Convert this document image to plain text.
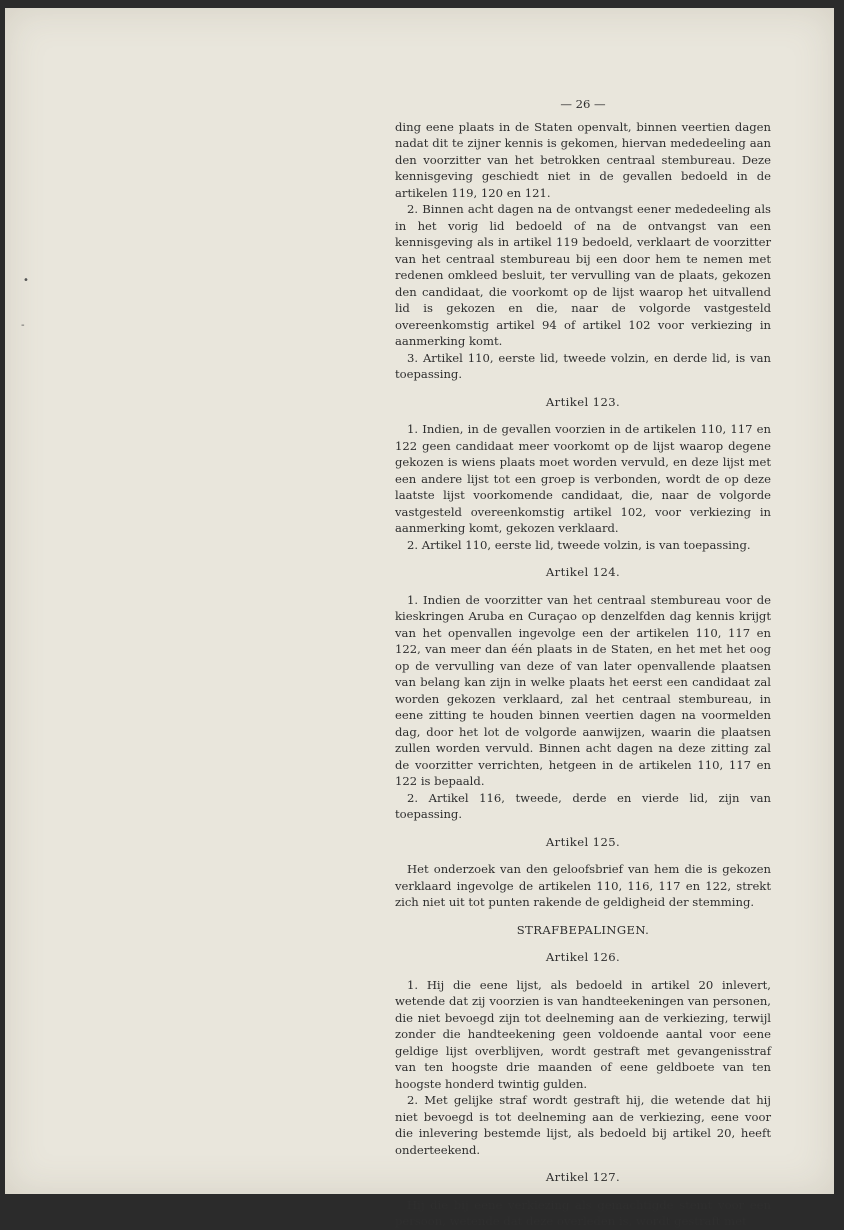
•
‑

— 26 —

ding eene plaats in de Staten openvalt, binnen veertien dagen nadat dit te zijner kennis is gekomen, hiervan mededeeling aan den voorzitter van het betrokken centraal stembureau. Deze kennisgeving geschiedt niet in de gevallen bedoeld in de artikelen 119, 120 en 121.

2. Binnen acht dagen na de ontvangst eener mededeeling als in het vorig lid bedoeld of na de ontvangst van een kennisgeving als in artikel 119 bedoeld, verklaart de voorzitter van het centraal stembureau bij een door hem te nemen met redenen omkleed besluit, ter vervulling van de plaats, gekozen den candidaat, die voorkomt op de lijst waarop het uitvallend lid is gekozen en die, naar de volgorde vastgesteld overeenkomstig artikel 94 of artikel 102 voor verkiezing in aanmerking komt.

3. Artikel 110, eerste lid, tweede volzin, en derde lid, is van toepassing.

Artikel 123.

1. Indien, in de gevallen voorzien in de artikelen 110, 117 en 122 geen candidaat meer voorkomt op de lijst waarop degene gekozen is wiens plaats moet worden vervuld, en deze lijst met een andere lijst tot een groep is verbonden, wordt de op deze laatste lijst voorkomende candidaat, die, naar de volgorde vastgesteld overeenkomstig artikel 102, voor verkiezing in aanmerking komt, gekozen verklaard.

2. Artikel 110, eerste lid, tweede volzin, is van toepassing.

Artikel 124.

1. Indien de voorzitter van het centraal stembureau voor de kieskringen Aruba en Curaçao op denzelfden dag kennis krijgt van het openvallen ingevolge een der artikelen 110, 117 en 122, van meer dan één plaats in de Staten, en het met het oog op de vervulling van deze of van later openvallende plaatsen van belang kan zijn in welke plaats het eerst een candidaat zal worden gekozen verklaard, zal het centraal stembureau, in eene zitting te houden binnen veertien dagen na voormelden dag, door het lot de volgorde aanwijzen, waarin die plaatsen zullen worden vervuld. Binnen acht dagen na deze zitting zal de voorzitter verrichten, hetgeen in de artikelen 110, 117 en 122 is bepaald.

2. Artikel 116, tweede, derde en vierde lid, zijn van toepassing.

Artikel 125.

Het onderzoek van den geloofsbrief van hem die is gekozen verklaard ingevolge de artikelen 110, 116, 117 en 122, strekt zich niet uit tot punten rakende de geldigheid der stemming.

STRAFBEPALINGEN.

Artikel 126.

1. Hij die eene lijst, als bedoeld in artikel 20 inlevert, wetende dat zij voorzien is van handteekeningen van personen, die niet bevoegd zijn tot deelneming aan de verkiezing, terwijl zonder die handteekening geen voldoende aantal voor eene geldige lijst overblijven, wordt gestraft met gevangenisstraf van ten hoogste drie maanden of eene geldboete van ten hoogste honderd twintig gulden.

2. Met gelijke straf wordt gestraft hij, die wetende dat hij niet bevoegd is tot deelneming aan de verkiezing, eene voor die inlevering bestemde lijst, als bedoeld bij artikel 20, heeft onderteekend.

Artikel 127.

Hij die bij eene verkiezing als gemachtigde stemt voor een persoon, wetende dat deze overleden is, wordt gestraft met
